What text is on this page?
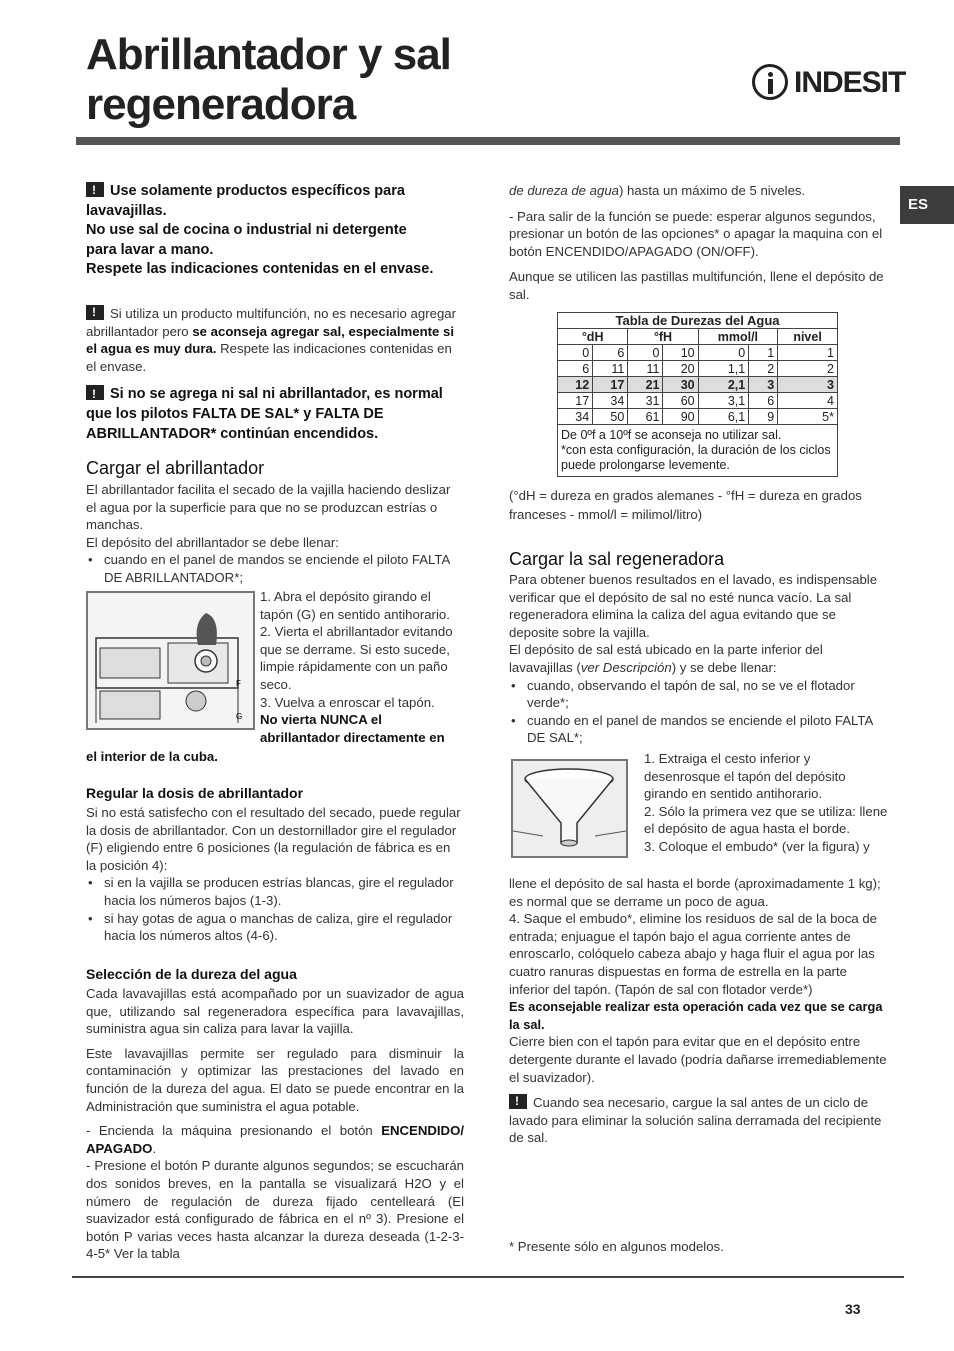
Abrillantador y sal regeneradora	INDESIT
ES

!Use solamente productos específicos para lavavajillas.

No use sal de cocina o industrial ni detergente para lavar a mano.

Respete las indicaciones contenidas en el envase.

!Si utiliza un producto multifunción, no es necesario agregar abrillantador pero se aconseja agregar sal, especialmente si el agua es muy dura. Respete las indicaciones contenidas en el envase.

!Si no se agrega ni sal ni abrillantador, es normal que los pilotos FALTA DE SAL* y FALTA DE ABRILLANTADOR* continúan encendidos.

Cargar el abrillantador

El abrillantador facilita el secado de la vajilla haciendo deslizar el agua por la superficie para que no se produzcan estrías o manchas.

El depósito del abrillantador se debe llenar:

• cuando en el panel de mandos se enciende el piloto FALTA DE ABRILLANTADOR*;
F
G

1. Abra el depósito girando el tapón (G) en sentido antihorario.

2. Vierta el abrillantador evitando que se derrame. Si esto sucede, limpie rápidamente con un paño seco.

3. Vuelva a enroscar el tapón.

No vierta NUNCA el abrillantador directamente en

el interior de la cuba.
Regular la dosis de abrillantador

Si no está satisfecho con el resultado del secado, puede regular la dosis de abrillantador. Con un destornillador gire el regulador (F) eligiendo entre 6 posiciones (la regulación de fábrica es en la posición 4):

• si en la vajilla se producen estrías blancas, gire el regulador hacia los números bajos (1-3).
• si hay gotas de agua o manchas de caliza, gire el regulador hacia los números altos (4-6).
Selección de la dureza del agua

Cada lavavajillas está acompañado por un suavizador de agua que, utilizando sal regeneradora específica para lavavajillas, suministra agua sin caliza para lavar la vajilla.

Este lavavajillas permite ser regulado para disminuir la contaminación y optimizar las prestaciones del lavado en función de la dureza del agua. El dato se puede encontrar en la Administración que suministra el agua potable.

- Encienda la máquina presionando el botón ENCENDIDO/ APAGADO.

- Presione el botón P durante algunos segundos; se escucharán dos sonidos breves, en la pantalla se visualizará H2O y el número de regulación de dureza fijado centelleará (El suavizador está configurado de fábrica en el nº 3). Presione el botón P varias veces hasta alcanzar la dureza deseada (1-2-3-4-5* Ver la tabla

de dureza de agua) hasta un máximo de 5 niveles.

- Para salir de la función se puede: esperar algunos segundos, presionar un botón de las opciones* o apagar la maquina con el botón ENCENDIDO/APAGADO (ON/OFF).

Aunque se utilicen las pastillas multifunción, llene el depósito de sal.

Tabla de Durezas del Agua						
°dH		°fH		mmol/l		nivel
0	6	0	10	0	1	1
6	11	11	20	1,1	2	2
12	17	21	30	2,1	3	3
17	34	31	60	3,1	6	4
34	50	61	90	6,1	9	5*

De 0ºf a 10ºf se aconseja no utilizar sal.
*con esta configuración, la duración de los ciclos puede prolongarse levemente.						
(°dH = dureza en grados alemanes - °fH = dureza en grados franceses - mmol/l = milimol/litro)
Cargar la sal regeneradora

Para obtener buenos resultados en el lavado, es indispensable verificar que el depósito de sal no esté nunca vacío. La sal regeneradora elimina la caliza del agua evitando que se deposite sobre la vajilla.

El depósito de sal está ubicado en la parte inferior del lavavajillas (ver Descripción) y se debe llenar:

• cuando, observando el tapón de sal, no se ve el flotador verde*;
• cuando en el panel de mandos se enciende el piloto FALTA DE SAL*;

1. Extraiga el cesto inferior y desenrosque el tapón del depósito girando en sentido antihorario.

2. Sólo la primera vez que se utiliza: llene el depósito de agua hasta el borde.

3. Coloque el embudo* (ver la figura) y

llene el depósito de sal hasta el borde (aproximadamente 1 kg); es normal que se derrame un poco de agua.

4. Saque el embudo*, elimine los residuos de sal de la boca de entrada; enjuague el tapón bajo el agua corriente antes de enroscarlo, colóquelo cabeza abajo y haga fluir el agua por las cuatro ranuras dispuestas en forma de estrella en la parte inferior del tapón. (Tapón de sal con flotador verde*)

Es aconsejable realizar esta operación cada vez que se carga la sal.

Cierre bien con el tapón para evitar que en el depósito entre detergente durante el lavado (podría dañarse irremediablemente el suavizador).

!Cuando sea necesario, cargue la sal antes de un ciclo de lavado para eliminar la solución salina derramada del recipiente de sal.

* Presente sólo en algunos modelos.
33
